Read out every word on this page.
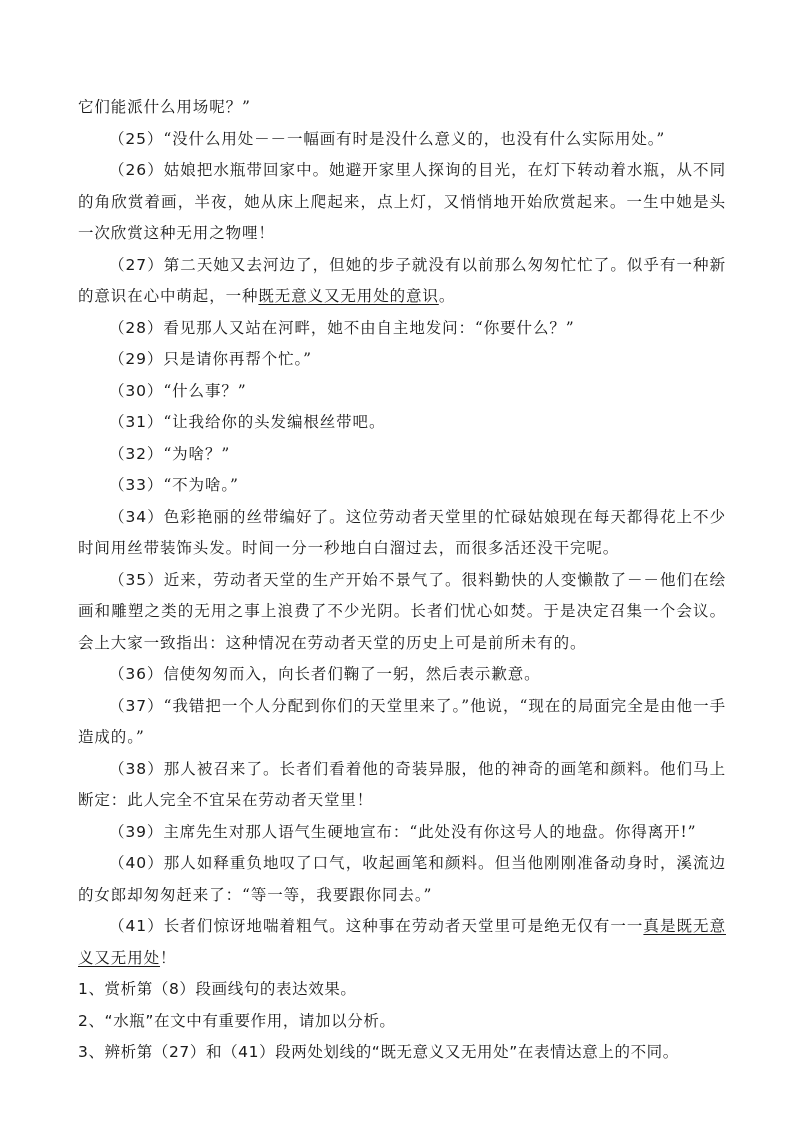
它们能派什么用场呢？”

（25）“没什么用处－－一幅画有时是没什么意义的，也没有什么实际用处。”

（26）姑娘把水瓶带回家中。她避开家里人探询的目光，在灯下转动着水瓶，从不同的角欣赏着画，半夜，她从床上爬起来，点上灯，又悄悄地开始欣赏起来。一生中她是头一次欣赏这种无用之物哩！

（27）第二天她又去河边了，但她的步子就没有以前那么匆匆忙忙了。似乎有一种新的意识在心中萌起，一种既无意义又无用处的意识。

（28）看见那人又站在河畔，她不由自主地发问：“你要什么？”

（29）只是请你再帮个忙。”

（30）“什么事？”

（31）“让我给你的头发编根丝带吧。

（32）“为啥？”

（33）“不为啥。”

（34）色彩艳丽的丝带编好了。这位劳动者天堂里的忙碌姑娘现在每天都得花上不少时间用丝带装饰头发。时间一分一秒地白白溜过去，而很多活还没干完呢。

（35）近来，劳动者天堂的生产开始不景气了。很料勤快的人变懒散了－－他们在绘画和雕塑之类的无用之事上浪费了不少光阴。长者们忧心如焚。于是决定召集一个会议。会上大家一致指出：这种情况在劳动者天堂的历史上可是前所未有的。

（36）信使匆匆而入，向长者们鞠了一躬，然后表示歉意。

（37）“我错把一个人分配到你们的天堂里来了。”他说，“现在的局面完全是由他一手造成的。”

（38）那人被召来了。长者们看着他的奇装异服，他的神奇的画笔和颜料。他们马上断定：此人完全不宜呆在劳动者天堂里！

（39）主席先生对那人语气生硬地宣布：“此处没有你这号人的地盘。你得离开!”

（40）那人如释重负地叹了口气，收起画笔和颜料。但当他刚刚准备动身时，溪流边的女郎却匆匆赶来了：“等一等，我要跟你同去。”

（41）长者们惊讶地喘着粗气。这种事在劳动者天堂里可是绝无仅有一一真是既无意义又无用处！

1、赏析第（8）段画线句的表达效果。

2、“水瓶”在文中有重要作用，请加以分析。

3、辨析第（27）和（41）段两处划线的“既无意义又无用处”在表情达意上的不同。
